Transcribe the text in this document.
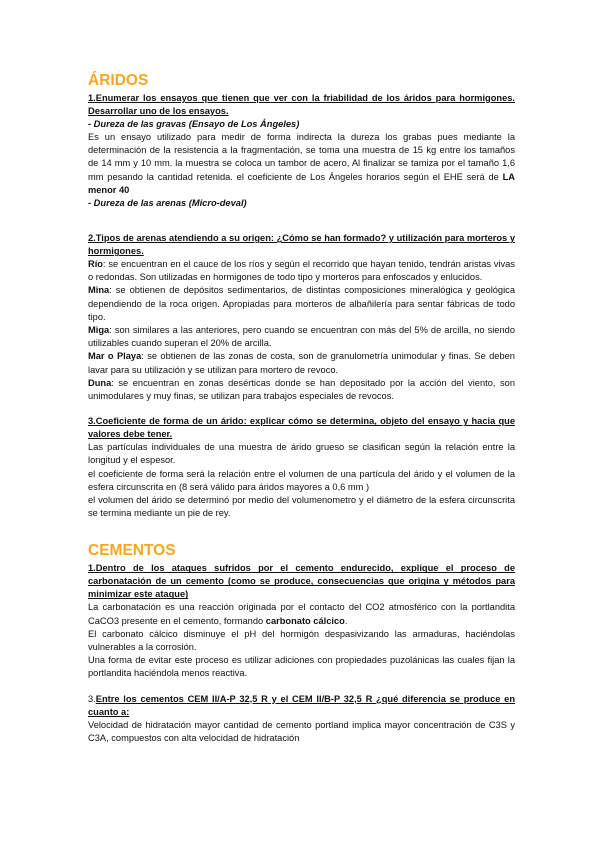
ÁRIDOS

1.Enumerar los ensayos que tienen que ver con la friabilidad de los áridos para hormigones. Desarrollar uno de los ensayos.

- Dureza de las gravas (Ensayo de Los Ángeles)

Es un ensayo utilizado para medir de forma indirecta la dureza los grabas pues mediante la determinación de la resistencia a la fragmentación, se toma una muestra de 15 kg entre los tamaños de 14 mm y 10 mm. la muestra se coloca un tambor de acero, Al finalizar se tamiza por el tamaño 1,6 mm pesando la cantidad retenida. el coeficiente de Los Ángeles horarios según el EHE será de LA menor 40

- Dureza de las arenas (Micro-deval)

2.Tipos de arenas atendiendo a su origen: ¿Cómo se han formado? y utilización para morteros y hormigones.

Río: se encuentran en el cauce de los ríos y según el recorrido que hayan tenido, tendrán aristas vivas o redondas. Son utilizadas en hormigones de todo tipo y morteros para enfoscados y enlucidos.

Mina: se obtienen de depósitos sedimentarios, de distintas composiciones mineralógica y geológica dependiendo de la roca origen. Apropiadas para morteros de albañilería para sentar fábricas de todo tipo.

Miga: son similares a las anteriores, pero cuando se encuentran con más del 5% de arcilla, no siendo utilizables cuando superan el 20% de arcilla.

Mar o Playa: se obtienen de las zonas de costa, son de granulometría unimodular y finas. Se deben lavar para su utilización y se utilizan para mortero de revoco.

Duna: se encuentran en zonas desérticas donde se han depositado por la acción del viento, son unimodulares y muy finas, se utilizan para trabajos especiales de revocos.

3.Coeficiente de forma de un árido: explicar cómo se determina, objeto del ensayo y hacia que valores debe tener.

Las partículas individuales de una muestra de árido grueso se clasifican según la relación entre la longitud y el espesor.

el coeficiente de forma será la relación entre el volumen de una partícula del árido y el volumen de la esfera circunscrita en (8 será válido para áridos mayores a 0,6 mm )

el volumen del árido se determinó por medio del volumenometro y el diámetro de la esfera circunscrita se termina mediante un pie de rey.

CEMENTOS

1.Dentro de los ataques sufridos por el cemento endurecido, explique el proceso de carbonatación de un cemento (como se produce, consecuencias que origina y métodos para minimizar este ataque)

La carbonatación es una reacción originada por el contacto del CO2 atmosférico con la portlandita CaCO3 presente en el cemento, formando carbonato cálcico.

El carbonato cálcico disminuye el pH del hormigón despasivizando las armaduras, haciéndolas vulnerables a la corrosión.

Una forma de evitar este proceso es utilizar adiciones con propiedades puzolánicas las cuales fijan la portlandita haciéndola menos reactiva.

3.Entre los cementos CEM II/A-P 32,5 R y el CEM II/B-P 32,5 R ¿qué diferencia se produce en cuanto a:

Velocidad de hidratación mayor cantidad de cemento portland implica mayor concentración de C3S y C3A, compuestos con alta velocidad de hidratación
